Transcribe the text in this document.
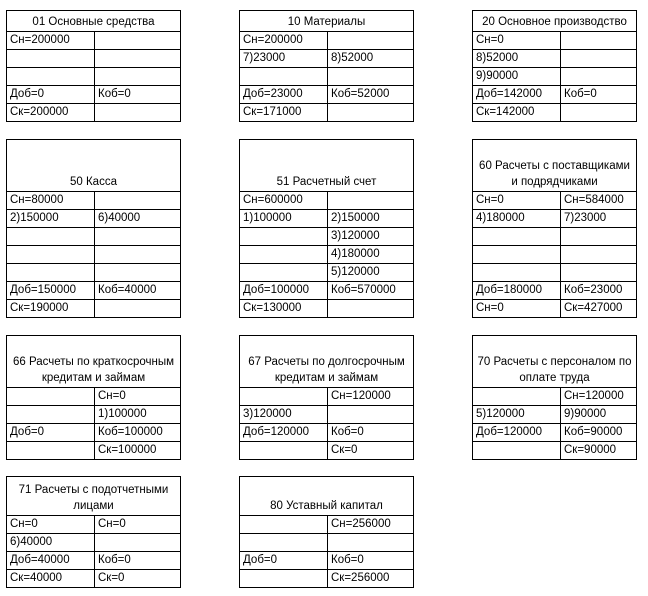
01 Основные средства	
Сн=200000	

Доб=0	Коб=0
Ск=200000	
10 Материалы	
Сн=200000	
7)23000	8)52000

Доб=23000	Коб=52000
Ск=171000	
20 Основное производство	
Сн=0	
8)52000	
9)90000	
Доб=142000	Коб=0
Ск=142000	
50 Касса	
Сн=80000	
2)150000	6)40000

Доб=150000	Коб=40000
Ск=190000	
51 Расчетный счет	
Сн=600000	
1)100000	2)150000
	3)120000
	4)180000
	5)120000
Доб=100000	Коб=570000
Ск=130000	
60 Расчеты с поставщиками и подрядчиками	
Сн=0	Сн=584000
4)180000	7)23000

Доб=180000	Коб=23000
Сн=0	Ск=427000
66 Расчеты по краткосрочным кредитам и займам	
	Сн=0
	1)100000
Доб=0	Коб=100000
	Ск=100000
67 Расчеты по долгосрочным кредитам и займам	
	Сн=120000
3)120000	
Доб=120000	Коб=0
	Ск=0
70 Расчеты с персоналом по оплате труда	
	Сн=120000
5)120000	9)90000
Доб=120000	Коб=90000
	Ск=90000
71 Расчеты с подотчетными лицами	
Сн=0	Сн=0
6)40000	
Доб=40000	Коб=0
Ск=40000	Ск=0
80 Уставный капитал	
	Сн=256000

Доб=0	Коб=0
	Ск=256000
